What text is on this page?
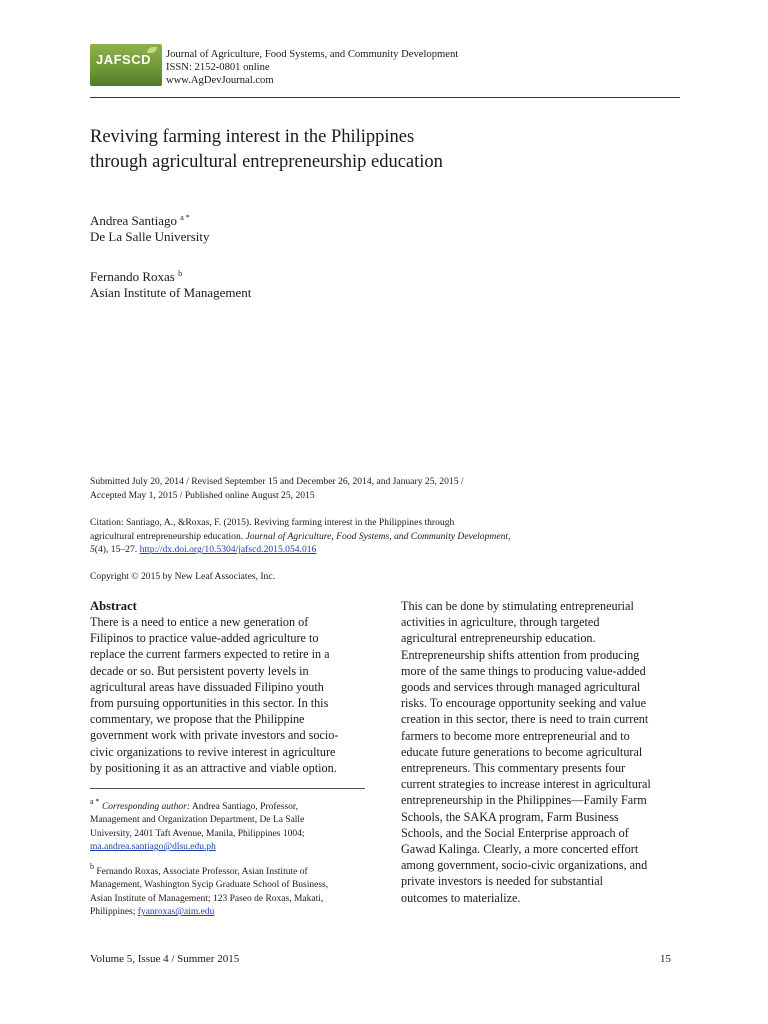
JAFSCD Journal of Agriculture, Food Systems, and Community Development
ISSN: 2152-0801 online
www.AgDevJournal.com
Reviving farming interest in the Philippines
through agricultural entrepreneurship education
Andrea Santiago $^{a *}$
De La Salle University
Fernando Roxas $^b$
Asian Institute of Management
Submitted July 20, 2014 / Revised September 15 and December 26, 2014, and January 25, 2015 /
Accepted May 1, 2015 / Published online August 25, 2015
Citation: Santiago, A., &Roxas, F. (2015). Reviving farming interest in the Philippines through
agricultural entrepreneurship education. Journal of Agriculture, Food Systems, and Community Development,
5(4), 15–27. http://dx.doi.org/10.5304/jafscd.2015.054.016
Copyright © 2015 by New Leaf Associates, Inc.
Abstract
There is a need to entice a new generation of
Filipinos to practice value-added agriculture to
replace the current farmers expected to retire in a
decade or so. But persistent poverty levels in
agricultural areas have dissuaded Filipino youth
from pursuing opportunities in this sector. In this
commentary, we propose that the Philippine
government work with private investors and socio-
civic organizations to revive interest in agriculture
by positioning it as an attractive and viable option.
This can be done by stimulating entrepreneurial
activities in agriculture, through targeted
agricultural entrepreneurship education.
Entrepreneurship shifts attention from producing
more of the same things to producing value-added
goods and services through managed agricultural
risks. To encourage opportunity seeking and value
creation in this sector, there is need to train current
farmers to become more entrepreneurial and to
educate future generations to become agricultural
entrepreneurs. This commentary presents four
current strategies to increase interest in agricultural
entrepreneurship in the Philippines—Family Farm
Schools, the SAKA program, Farm Business
Schools, and the Social Enterprise approach of
Gawad Kalinga. Clearly, a more concerted effort
among government, socio-civic organizations, and
private investors is needed for substantial
outcomes to materialize.
$^{a *}$ Corresponding author: Andrea Santiago, Professor,
Management and Organization Department, De La Salle
University, 2401 Taft Avenue, Manila, Philippines 1004;
ma.andrea.santiago@dlsu.edu.ph
$^b$ Fernando Roxas, Associate Professor, Asian Institute of
Management, Washington Sycip Graduate School of Business,
Asian Institute of Management; 123 Paseo de Roxas, Makati,
Philippines; fyanroxas@aim.edu
Volume 5, Issue 4 / Summer 2015	15
